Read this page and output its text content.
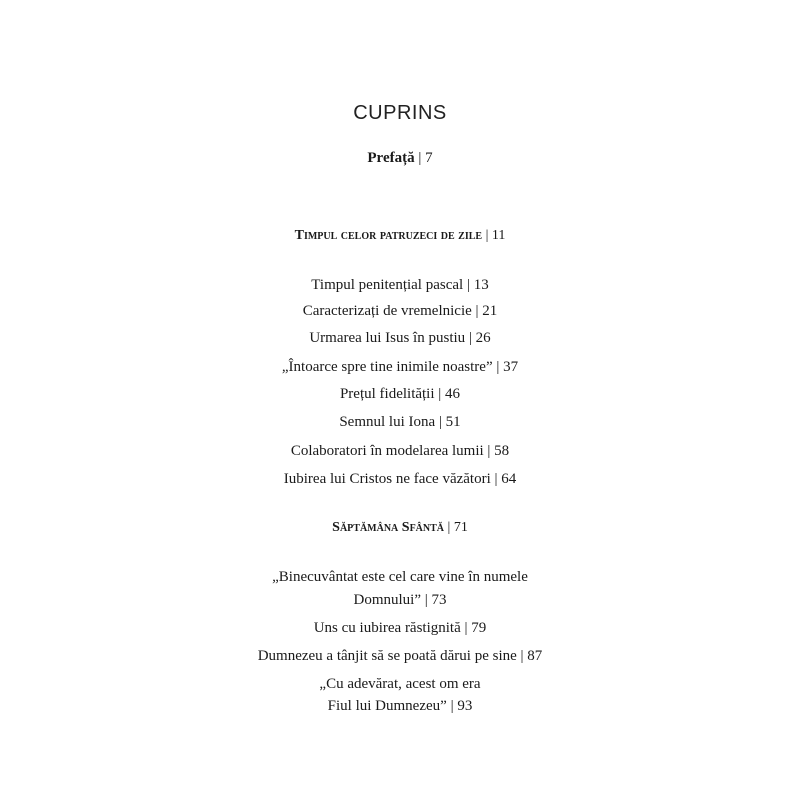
CUPRINS
Prefață | 7
Timpul celor patruzeci de zile | 11
Timpul penitențial pascal | 13
Caracterizați de vremelnicie | 21
Urmarea lui Isus în pustiu | 26
„Întoarce spre tine inimile noastre” | 37
Prețul fidelității | 46
Semnul lui Iona | 51
Colaboratori în modelarea lumii | 58
Iubirea lui Cristos ne face văzători | 64
Săptămâna Sfântă | 71
„Binecuvântat este cel care vine în numele
Domnului” | 73
Uns cu iubirea răstignită | 79
Dumnezeu a tânjit să se poată dărui pe sine | 87
„Cu adevărat, acest om era
Fiul lui Dumnezeu” | 93
